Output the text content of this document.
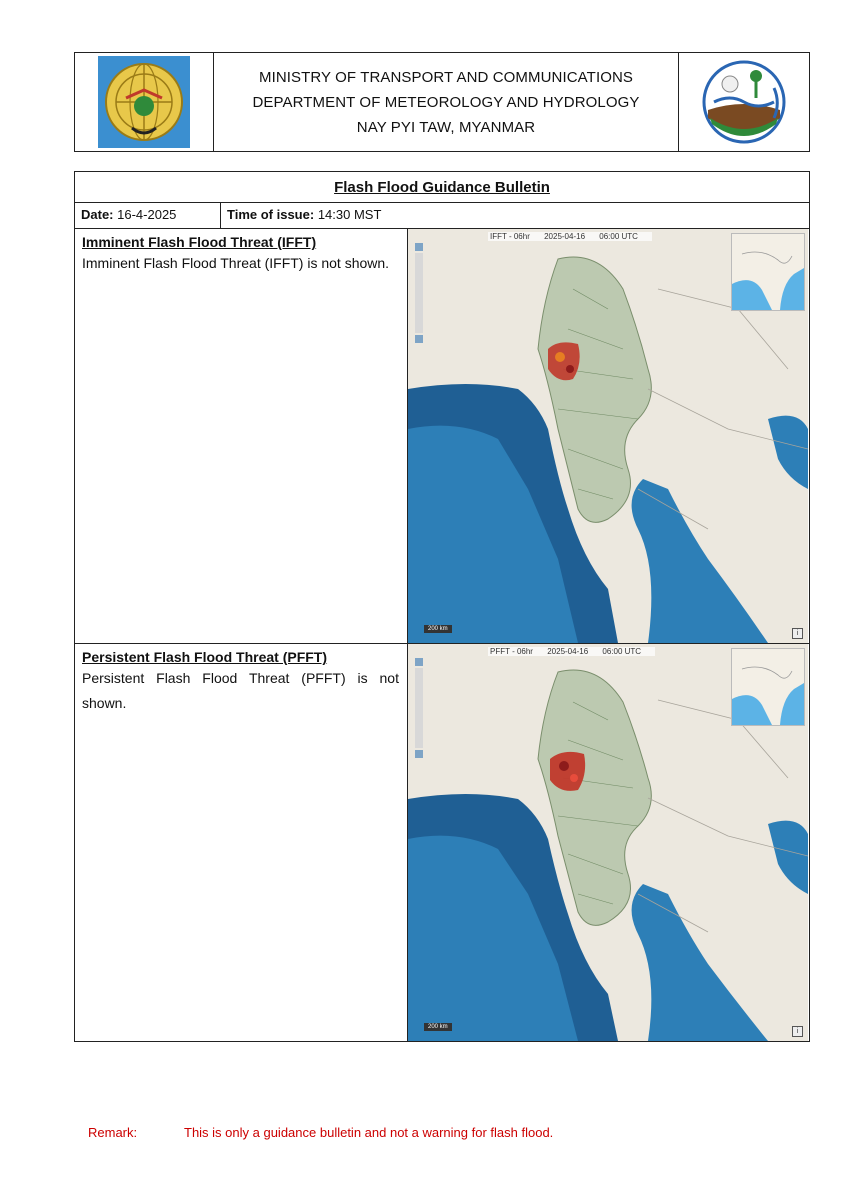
MINISTRY OF TRANSPORT AND COMMUNICATIONS
DEPARTMENT OF METEOROLOGY AND HYDROLOGY
NAY PYI TAW, MYANMAR
Flash Flood Guidance Bulletin
Date: 16-4-2025	Time of issue: 14:30 MST
Imminent Flash Flood Threat (IFFT)
Imminent Flash Flood Threat (IFFT) is not shown.
IFFT - 06hr 2025-04-16 06:00 UTC
200 km
i
Persistent Flash Flood Threat (PFFT)
Persistent Flash Flood Threat (PFFT) is not shown.
PFFT - 06hr 2025-04-16 06:00 UTC
200 km
i
Remark:	This is only a guidance bulletin and not a warning for flash flood.
